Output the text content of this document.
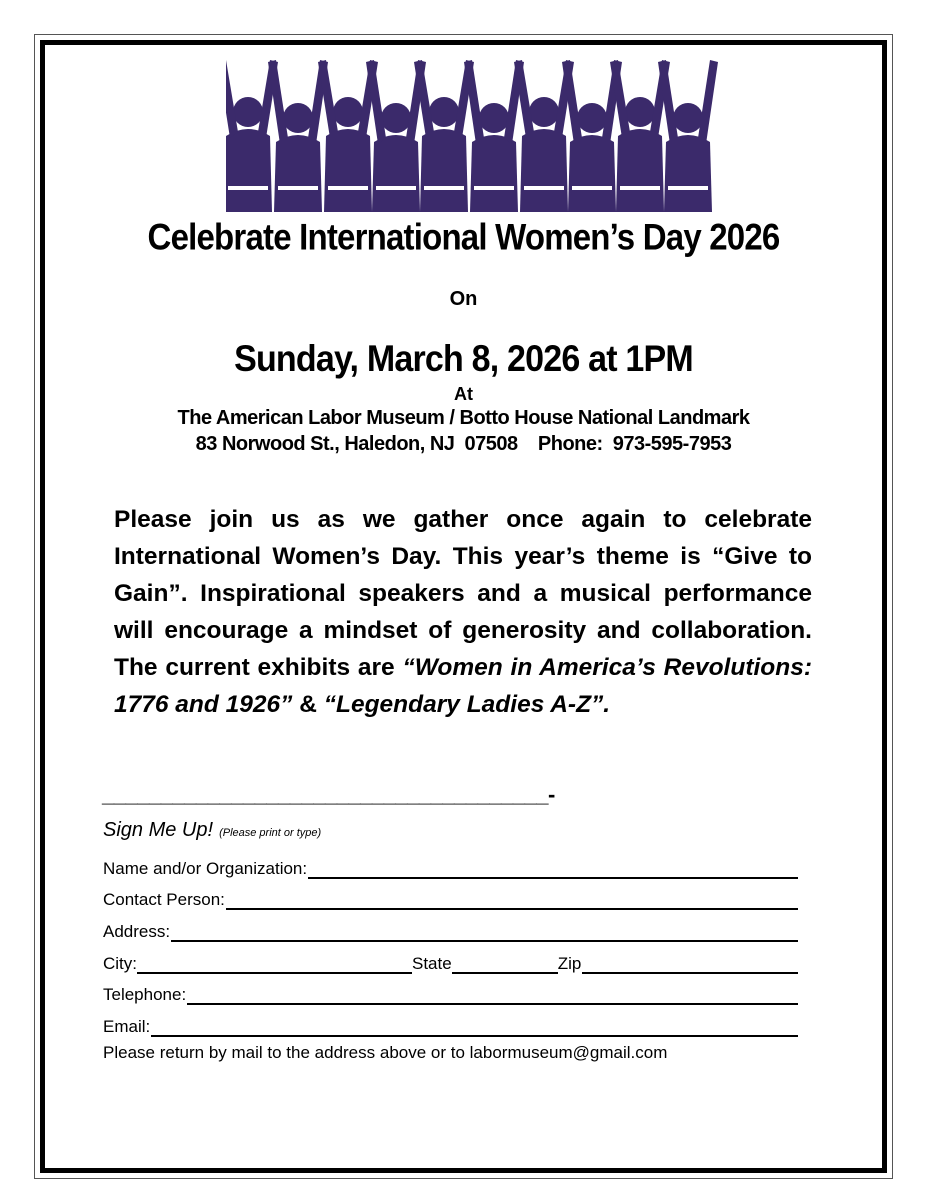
Celebrate International Women’s Day 2026
On
Sunday, March 8, 2026 at 1PM
At
The American Labor Museum / Botto House National Landmark
83 Norwood St., Haledon, NJ  07508 Phone:  973-595-7953
Please join us as we gather once again to celebrate International Women’s Day. This year’s theme is “Give to Gain”. Inspirational speakers and a musical performance will encourage a mindset of generosity and collaboration. The current exhibits are “Women in America’s Revolutions: 1776 and 1926” & “Legendary Ladies A-Z”.
______________________________________-
Sign Me Up! (Please print or type)
Name and/or Organization:
Contact Person:
Address:
City:	State	Zip
Telephone:
Email:
Please return by mail to the address above or to labormuseum@gmail.com
